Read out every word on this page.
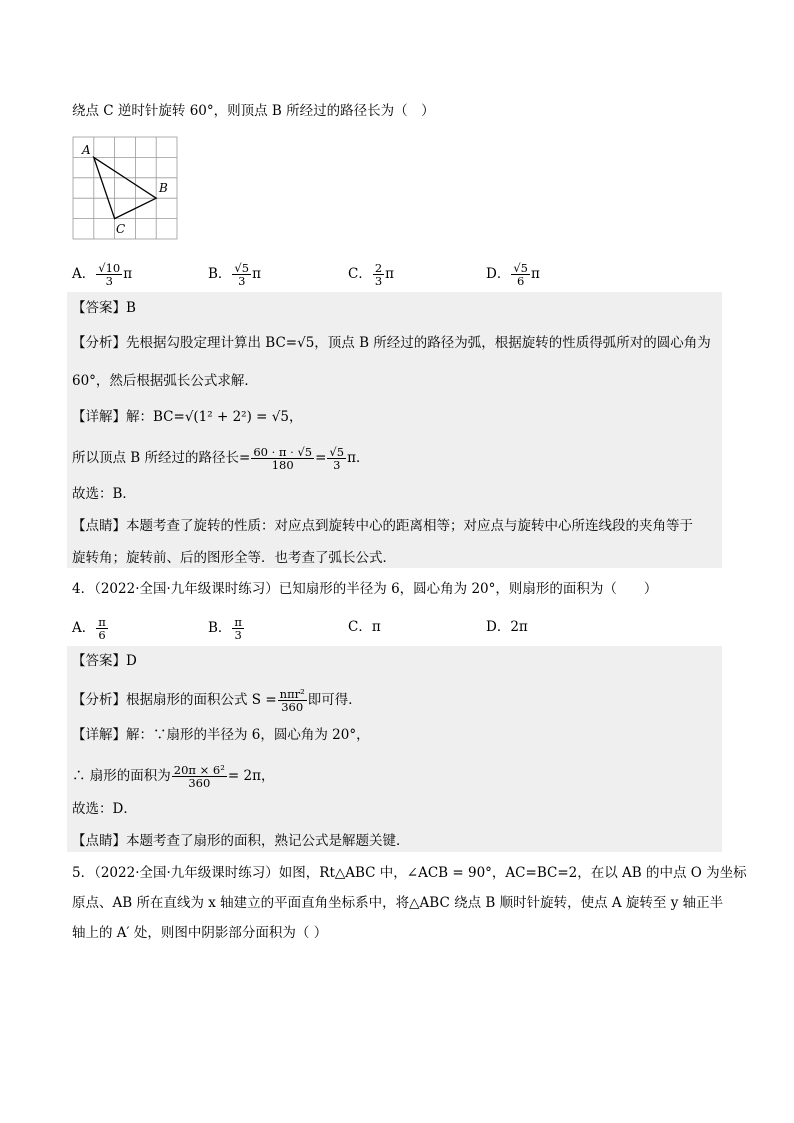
绕点 C 逆时针旋转 60°，则顶点 B 所经过的路径长为（　）
A
B
C
A． $\frac{√10}{3}$ π	B． $\frac{√5}{3}$ π	C． $\frac{2}{3}$ π	D． $\frac{√5}{6}$ π
【答案】B
【分析】先根据勾股定理计算出 BC=√5，顶点 B 所经过的路径为弧，根据旋转的性质得弧所对的圆心角为
60°，然后根据弧长公式求解．
【详解】解：BC=√(1² + 2²) = √5，
所以顶点 B 所经过的路径长= $\frac{60 \cdot \pi \cdot √5}{180} = \frac{√5}{3}$ π．
故选：B．
【点睛】本题考查了旋转的性质：对应点到旋转中心的距离相等；对应点与旋转中心所连线段的夹角等于
旋转角；旋转前、后的图形全等．也考查了弧长公式．
4．（2022·全国·九年级课时练习）已知扇形的半径为 6，圆心角为 20°，则扇形的面积为（　　）
A． $\frac{\pi}{6}$	B． $\frac{\pi}{3}$	C．π	D．2π
【答案】D
【分析】根据扇形的面积公式 $S = \frac{\text{nπr²}}{360}$ 即可得．
【详解】解：∵扇形的半径为 6，圆心角为 20°，
∴ 扇形的面积为 $\frac{\text{20π × 6²}}{360} = 2\pi$，
故选：D．
【点睛】本题考查了扇形的面积，熟记公式是解题关键．
5．（2022·全国·九年级课时练习）如图，Rt△ABC 中，∠ACB = 90°，AC=BC=2，在以 AB 的中点 O 为坐标
原点、AB 所在直线为 x 轴建立的平面直角坐标系中，将△ABC 绕点 B 顺时针旋转，使点 A 旋转至 y 轴正半
轴上的 A′ 处，则图中阴影部分面积为（ ）
